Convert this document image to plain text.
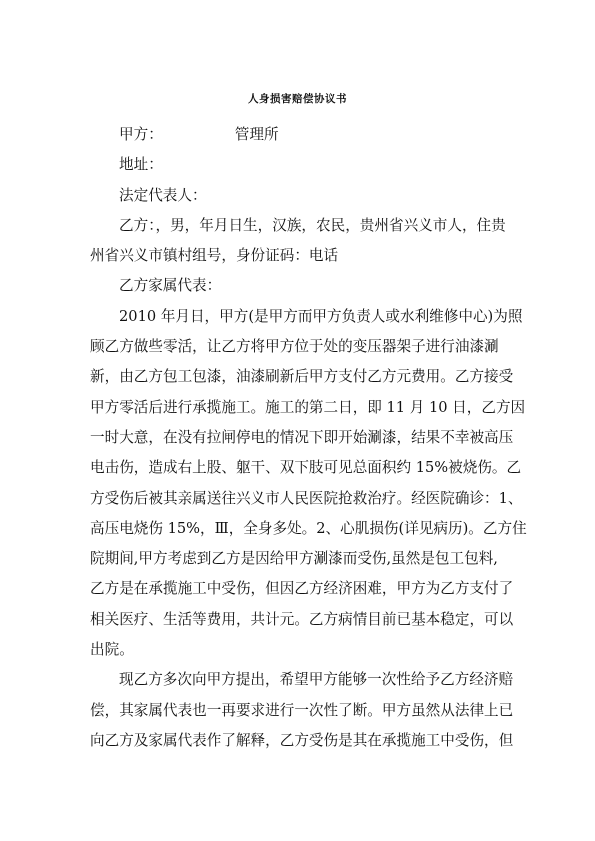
人身损害赔偿协议书
甲方：	管理所
地址：
法定代表人：
乙方：，男，年月日生，汉族，农民，贵州省兴义市人，住贵
州省兴义市镇村组号，身份证码：电话
乙方家属代表：
2010 年月日，甲方(是甲方而甲方负责人或水利维修中心)为照
顾乙方做些零活，让乙方将甲方位于处的变压器架子进行油漆涮
新，由乙方包工包漆，油漆刷新后甲方支付乙方元费用。乙方接受
甲方零活后进行承揽施工。施工的第二日，即 11 月 10 日，乙方因
一时大意，在没有拉闸停电的情况下即开始涮漆，结果不幸被高压
电击伤，造成右上股、躯干、双下肢可见总面积约 15%被烧伤。乙
方受伤后被其亲属送往兴义市人民医院抢救治疗。经医院确诊：1、
高压电烧伤 15%，Ⅲ，全身多处。2、心肌损伤(详见病历)。乙方住
院期间,甲方考虑到乙方是因给甲方涮漆而受伤,虽然是包工包料,
乙方是在承揽施工中受伤，但因乙方经济困难，甲方为乙方支付了
相关医疗、生活等费用，共计元。乙方病情目前已基本稳定，可以
出院。
现乙方多次向甲方提出，希望甲方能够一次性给予乙方经济赔
偿，其家属代表也一再要求进行一次性了断。甲方虽然从法律上已
向乙方及家属代表作了解释，乙方受伤是其在承揽施工中受伤，但
